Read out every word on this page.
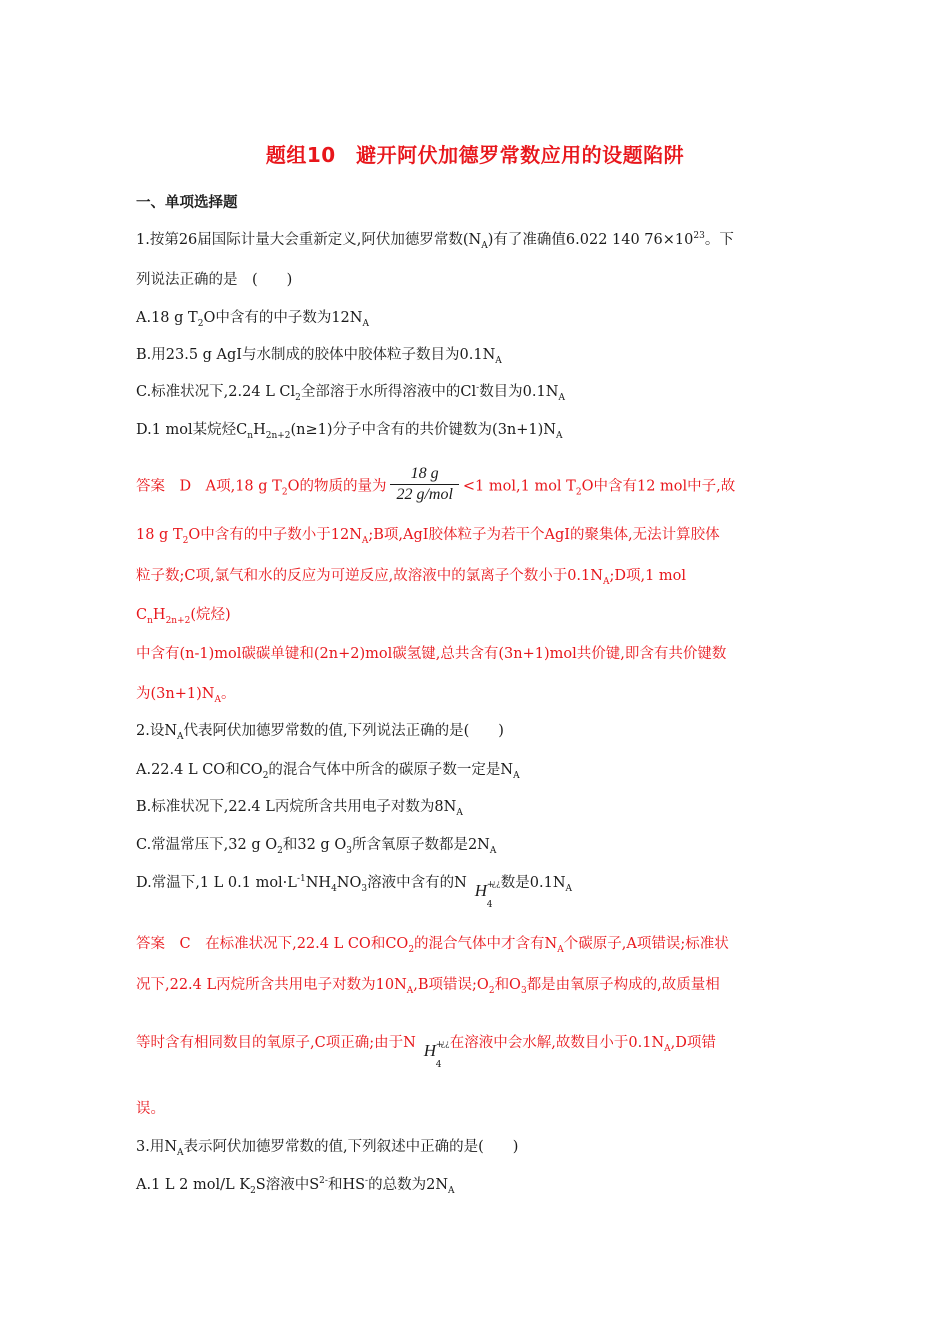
题组10　避开阿伏加德罗常数应用的设题陷阱
一、单项选择题
1.按第26届国际计量大会重新定义,阿伏加德罗常数$(N_A)$有了准确值6.022 140 $76\times 10^{23}$。下
列说法正确的是　(　　)
A.18 g $T_2O$中含有的中子数为$12N_A$
B.用23.5 g AgI与水制成的胶体中胶体粒子数目为$0.1N_A$
C.标准状况下,2.24 L $Cl_2$全部溶于水所得溶液中的Cl-数目为$0.1N_A$
D.1 mol某烷烃$C_nH_{2n+2}(n\ge 1)$分子中含有的共价键数为$(3n+1)N_A$
答案　D　A项,18 g $T_2O$的物质的量为 $\frac{18 g}{\text{22 g/mol}} <1$ mol,1 mol $T_2O$中含有12 mol中子,故
18 g $T_2O$中含有的中子数小于$12N_A;B$项,AgI胶体粒子为若干个AgI的聚集体,无法计算胶体
粒子数;C项,氯气和水的反应为可逆反应,故溶液中的氯离子个数小于$0.1N_A;D$项,1 mol
$C_nH_{2n+2}$(烷烃)
中含有(n-1)mol碳碳单键和(2n+2)mol碳氢键,总共含有(3n+1)mol共价键,即含有共价键数
为$(3n+1)N_A$。
2.设$N_A$代表阿伏加德罗常数的值,下列说法正确的是(　　)
A.22.4 L CO和$CO_2$的混合气体中所含的碳原子数一定是$N_A$
B.标准状况下,22.4 L丙烷所含共用电子对数为$8N_A$
C.常温常压下,32 g $O_2$和32 g $O_3$所含氧原子数都是$2N_A$
D.常温下,1 L 0.1 $mol\cdot L^{-1}NH_4NO_3$溶液中含有的N H +
¿¿
4
数是$0.1N_A$
答案　C　在标准状况下,22.4 L CO和$CO_2$的混合气体中才含有$N_A$个碳原子,A项错误;标准状
况下,22.4 L丙烷所含共用电子对数为$10N_A,B$项错误$;O_2$和$O_3$都是由氧原子构成的,故质量相
等时含有相同数目的氧原子,C项正确;由于N H +
¿¿
4
在溶液中会水解,故数目小于$0.1N_A,D$项错
误。
3.用$N_A$表示阿伏加德罗常数的值,下列叙述中正确的是(　　)
A.1 L 2 mol/L $K_2S$溶液中$S^{2-}$和HS-的总数为$2N_A$
